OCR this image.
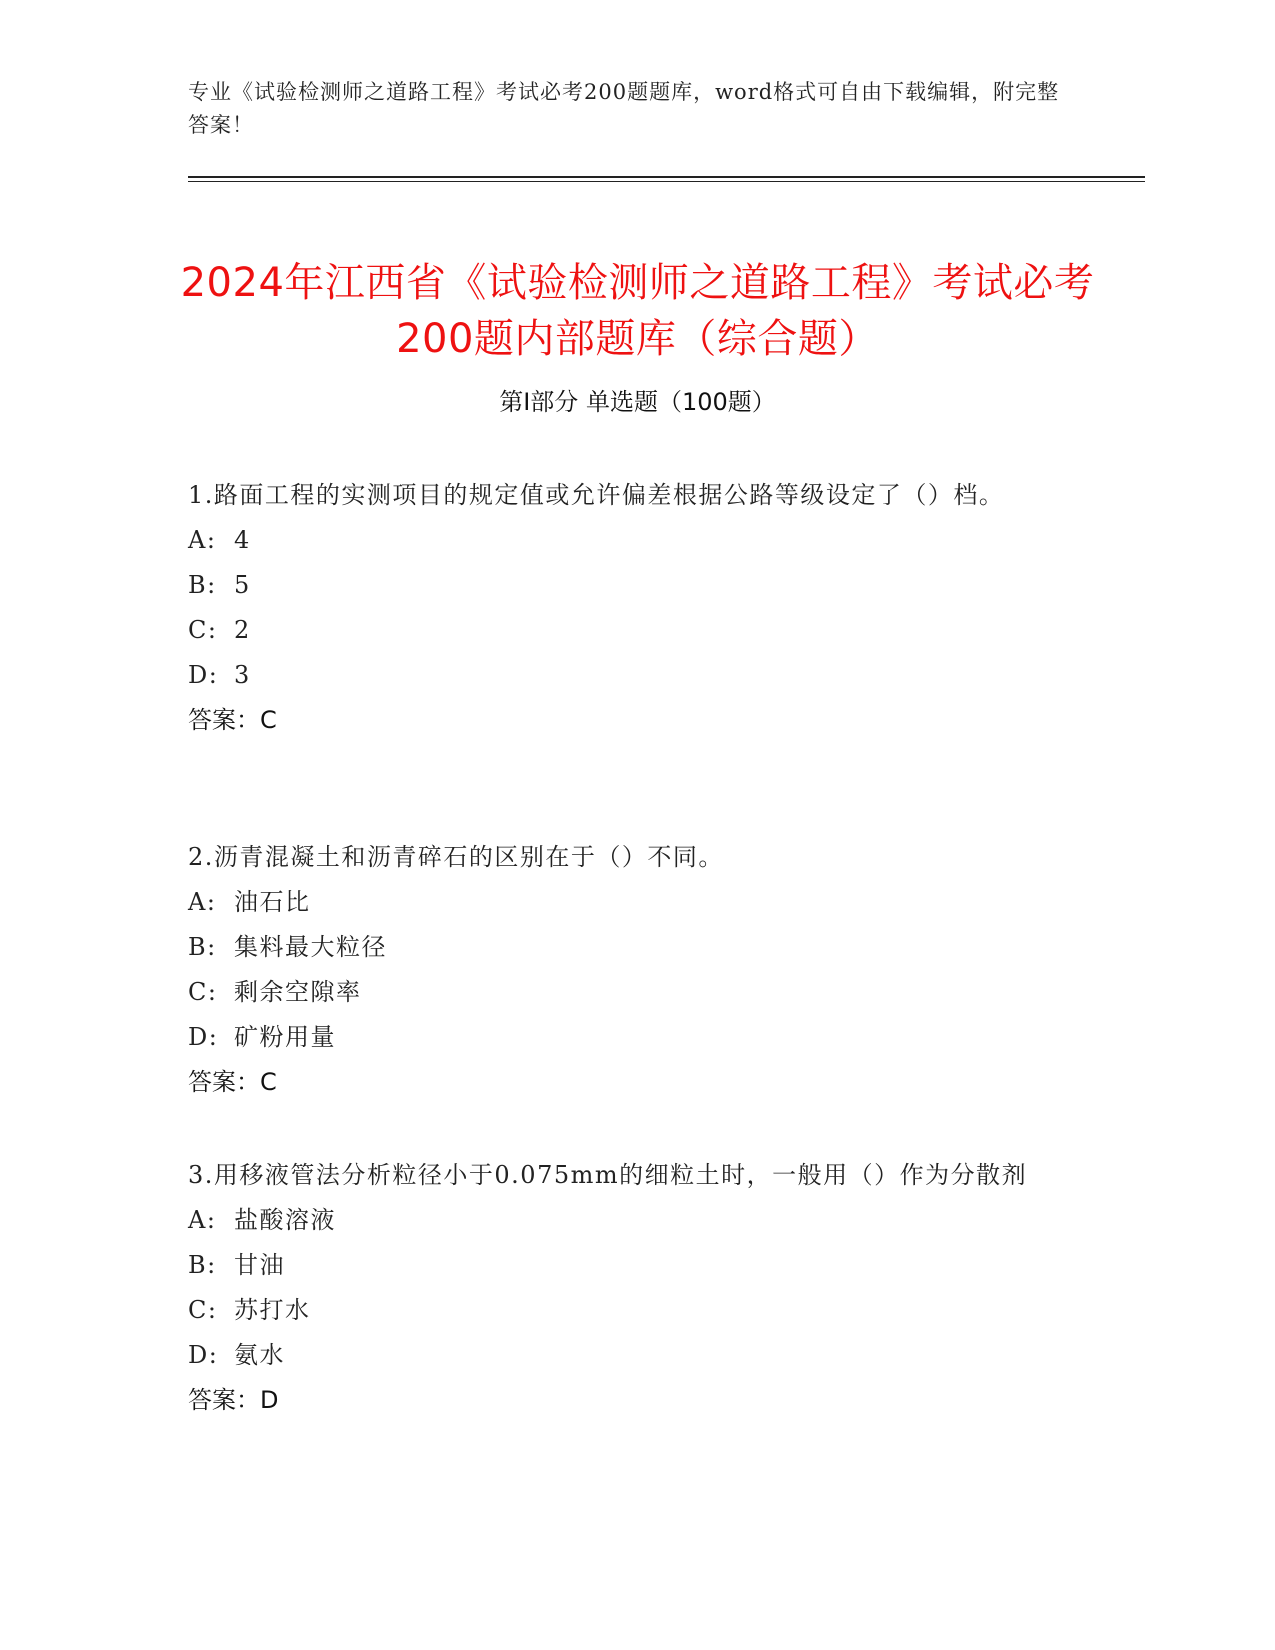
专业《试验检测师之道路工程》考试必考200题题库，word格式可自由下载编辑，附完整答案！
2024年江西省《试验检测师之道路工程》考试必考200题内部题库（综合题）
第I部分 单选题（100题）

1.路面工程的实测项目的规定值或允许偏差根据公路等级设定了（）档。

A: 4

B: 5

C: 2

D: 3

答案：C

2.沥青混凝土和沥青碎石的区别在于（）不同。

A: 油石比

B: 集料最大粒径

C: 剩余空隙率

D: 矿粉用量

答案：C

3.用移液管法分析粒径小于0.075mm的细粒土时，一般用（）作为分散剂

A: 盐酸溶液

B: 甘油

C: 苏打水

D: 氨水

答案：D
